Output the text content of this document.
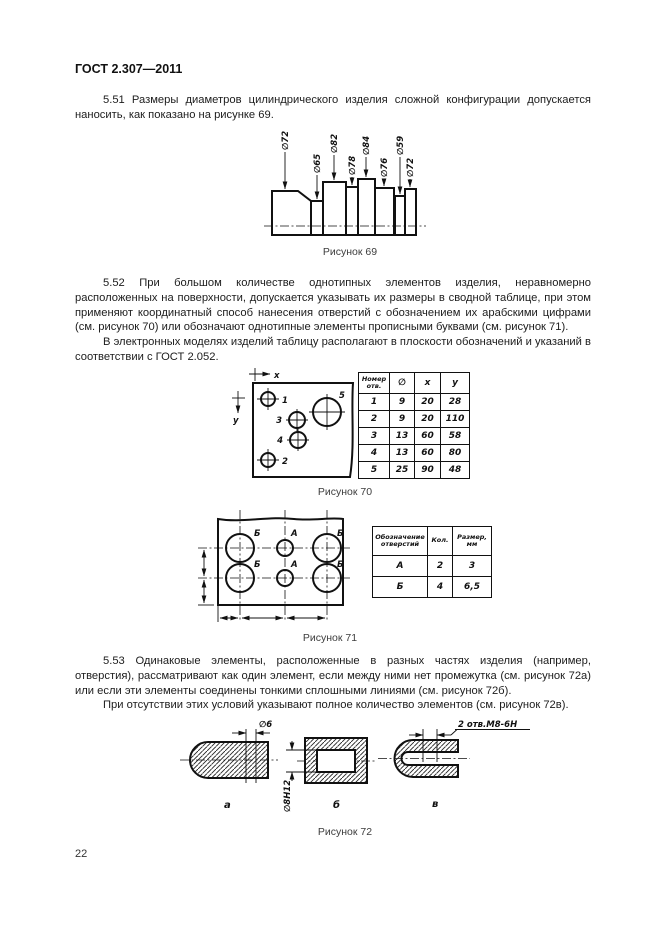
ГОСТ 2.307—2011

5.51 Размеры диаметров цилиндрического изделия сложной конфигурации допускается наносить, как показано на рисунке 69.

∅72
∅65
∅82
∅78
∅84
∅76
∅59
∅72
Рисунок 69

5.52 При большом количестве однотипных элементов изделия, неравномерно расположенных на поверхности, допускается указывать их размеры в сводной таблице, при этом применяют координатный способ нанесения отверстий с обозначением их арабскими цифрами (см. рисунок 70) или обозначают однотипные элементы прописными буквами (см. рисунок 71).

В электронных моделях изделий таблицу располагают в плоскости обозначений и указаний в соответствии с ГОСТ 2.052.

x
y
1	5
3
4
2
Номер отв.	∅	x	y
1	9	20	28
2	9	20	110
3	13	60	58
4	13	60	80
5	25	90	48
Рисунок 70
Б
Б
Б
Б
А
А
Обозначение отверстий	Кол.	Размер, мм
А	2	3
Б	4	6,5
Рисунок 71

5.53 Одинаковые элементы, расположенные в разных частях изделия (например, отверстия), рассматривают как один элемент, если между ними нет промежутка (см. рисунок 72а) или если эти элементы соединены тонкими сплошными линиями (см. рисунок 72б).

При отсутствии этих условий указывают полное количество элементов (см. рисунок 72в).

∅6
а	∅8Н12	б
2 отв.М8-6Н
в
Рисунок 72
22
